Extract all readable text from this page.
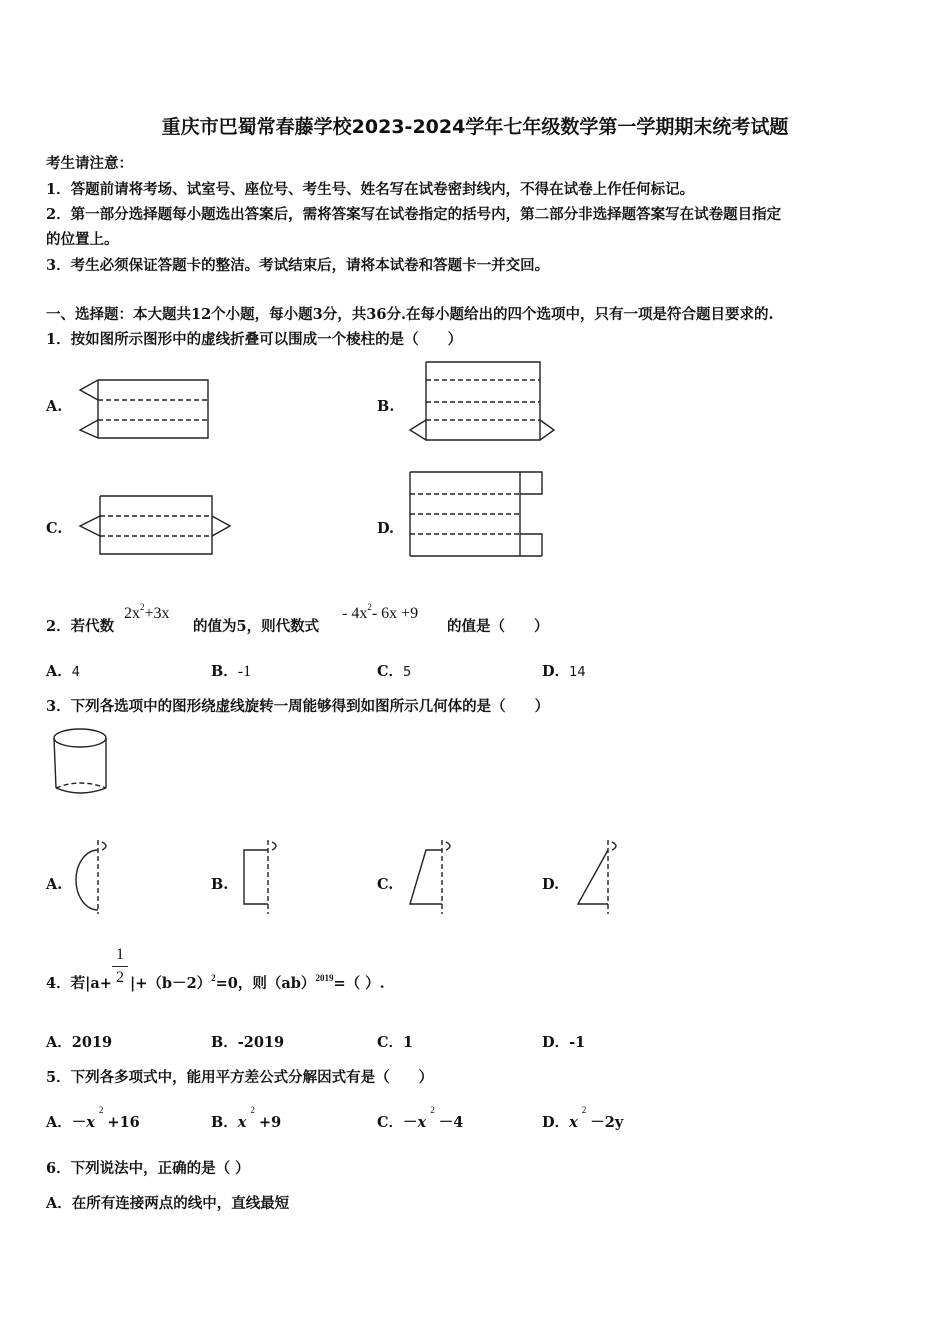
重庆市巴蜀常春藤学校2023-2024学年七年级数学第一学期期末统考试题
考生请注意：
1．答题前请将考场、试室号、座位号、考生号、姓名写在试卷密封线内，不得在试卷上作任何标记。
2．第一部分选择题每小题选出答案后，需将答案写在试卷指定的括号内，第二部分非选择题答案写在试卷题目指定
的位置上。
3．考生必须保证答题卡的整洁。考试结束后，请将本试卷和答题卡一并交回。
一、选择题：本大题共12个小题，每小题3分，共36分.在每小题给出的四个选项中，只有一项是符合题目要求的.
1．按如图所示图形中的虚线折叠可以围成一个棱柱的是（　　）
A.	B.
C.	D.
2．若代数
$2x^2+3x$
的值为5，则代数式
- $4x^2-$ 6x +9
的值是（　　）
A．4	B．-1	C．5	D．14
3．下列各选项中的图形绕虚线旋转一周能够得到如图所示几何体的是（　　）
A.	B.	C.	D.
4．若|a+
1
2 $|+(b-2)^2=0$，则（ab）$^{2019}$=（ ）.
A．2019	B．-2019	C．1	D．-1
5．下列各多项式中，能用平方差公式分解因式有是（　　）
A．$-x^2+16$	B．$x^2+9$	C．$-x^2-4$	D．$x^2-2y$
6．下列说法中，正确的是（ ）
A．在所有连接两点的线中，直线最短
